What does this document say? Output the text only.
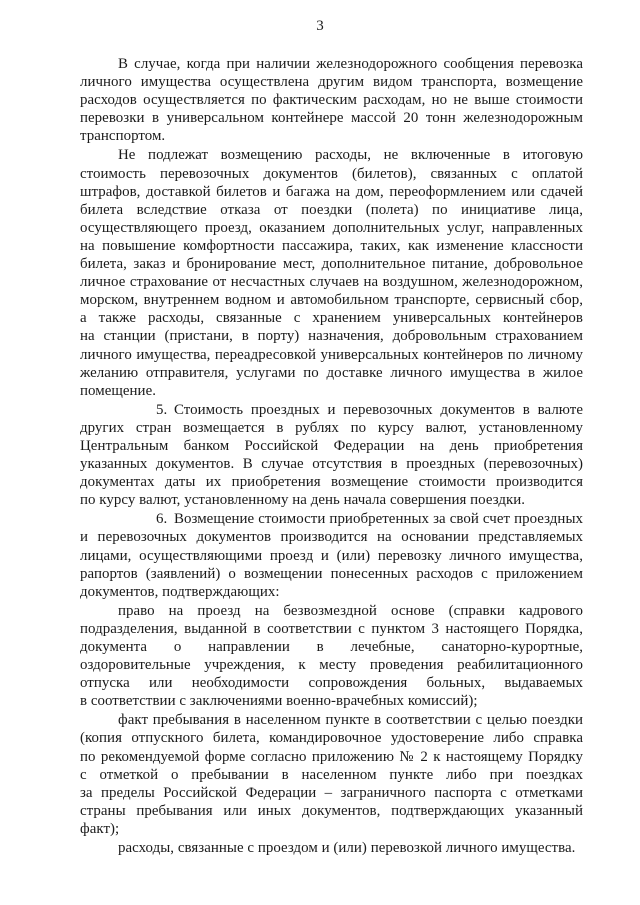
3
В случае, когда при наличии железнодорожного сообщения перевозка
личного имущества осуществлена другим видом транспорта, возмещение
расходов осуществляется по фактическим расходам, но не выше стоимости
перевозки в универсальном контейнере массой 20 тонн железнодорожным
транспортом.
Не подлежат возмещению расходы, не включенные в итоговую
стоимость перевозочных документов (билетов), связанных с оплатой
штрафов, доставкой билетов и багажа на дом, переоформлением или сдачей
билета вследствие отказа от поездки (полета) по инициативе лица,
осуществляющего проезд, оказанием дополнительных услуг, направленных
на повышение комфортности пассажира, таких, как изменение классности
билета, заказ и бронирование мест, дополнительное питание, добровольное
личное страхование от несчастных случаев на воздушном, железнодорожном,
морском, внутреннем водном и автомобильном транспорте, сервисный сбор,
а также расходы, связанные с хранением универсальных контейнеров
на станции (пристани, в порту) назначения, добровольным страхованием
личного имущества, переадресовкой универсальных контейнеров по личному
желанию отправителя, услугами по доставке личного имущества в жилое
помещение.
5. Стоимость проездных и перевозочных документов в валюте
других стран возмещается в рублях по курсу валют, установленному
Центральным банком Российской Федерации на день приобретения
указанных документов. В случае отсутствия в проездных (перевозочных)
документах даты их приобретения возмещение стоимости производится
по курсу валют, установленному на день начала совершения поездки.
6. Возмещение стоимости приобретенных за свой счет проездных
и перевозочных документов производится на основании представляемых
лицами, осуществляющими проезд и (или) перевозку личного имущества,
рапортов (заявлений) о возмещении понесенных расходов с приложением
документов, подтверждающих:
право на проезд на безвозмездной основе (справки кадрового
подразделения, выданной в соответствии с пунктом 3 настоящего Порядка,
документа о направлении в лечебные, санаторно-курортные,
оздоровительные учреждения, к месту проведения реабилитационного
отпуска или необходимости сопровождения больных, выдаваемых
в соответствии с заключениями военно-врачебных комиссий);
факт пребывания в населенном пункте в соответствии с целью поездки
(копия отпускного билета, командировочное удостоверение либо справка
по рекомендуемой форме согласно приложению № 2 к настоящему Порядку
с отметкой о пребывании в населенном пункте либо при поездках
за пределы Российской Федерации – заграничного паспорта с отметками
страны пребывания или иных документов, подтверждающих указанный
факт);
расходы, связанные с проездом и (или) перевозкой личного имущества.
